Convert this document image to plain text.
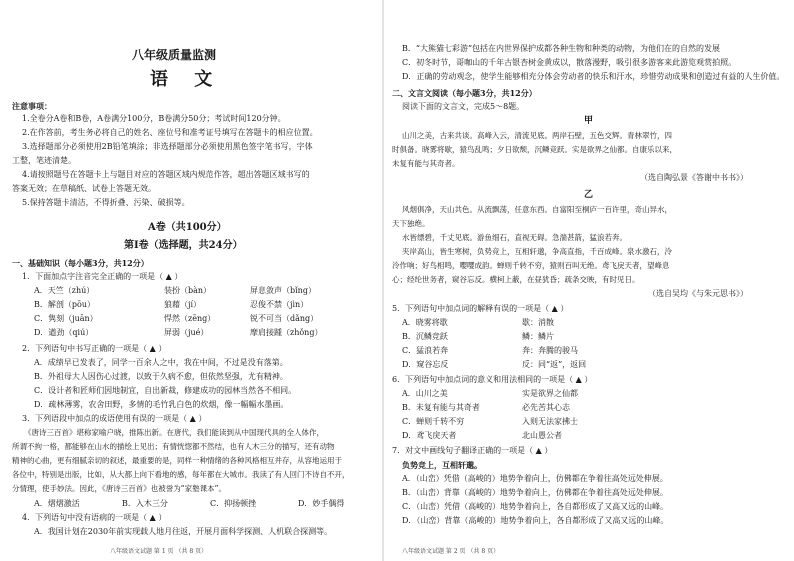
八年级质量监测
语 文
注意事项：
1.全卷分A卷和B卷，A卷满分100分，B卷满分50分；考试时间120分钟。
2.在作答前，考生务必将自己的姓名、座位号和准考证号填写在答题卡的相应位置。
3.选择题部分必须使用2B铅笔填涂；非选择题部分必须使用黑色签字笔书写，字体
工整，笔迹清楚。
4.请按照题号在答题卡上与题目对应的答题区域内规范作答，超出答题区域书写的
答案无效；在草稿纸、试卷上答题无效。
5.保持答题卡清洁，不得折叠、污染、破损等。
A卷（共100分）
第Ⅰ卷（选择题，共24分）
一、基础知识（每小题3分，共12分）
1．下面加点字注音完全正确的一项是（ ▲ ）
A．天竺（zhú）	装扮（bàn）	屏息敛声（bǐng）
B．解剖（pōu）	狼藉（jí）	忍俊不禁（jìn）
C．隽刻（juān）	悍然（zēng）	锐不可当（dǎng）
D．遒劲（qiú）	屏弱（jué）	摩肩接踵（zhǒng）
2．下列语句中书写正确的一项是（ ▲ ）
A．成绩早已发表了，同学一百余人之中，我在中间，不过是没有落第。
B．外祖母大人因伤心过渡，以致于久病不愈，但依然坚强，尤有精神。
C．设计者和匠师们因地制宜，自出新裁，修建成功的园林当然各不相同。
D．疏林薄雾，农舍田野，多情的毛竹乳白色的炊烟，像一幅幅水墨画。
3．下列语段中加点的成语使用有误的一项是（ ▲ ）
《唐诗三百首》堪称家喻户晓，推陈出新。在唐代，我们能读到从中国现代具的全人体作，
所谓不拘一格，都能够在山水的描绘上见出；有情恍惚都不然结，也有人木三分的描写，还有动物
精神的心曲，更有细腻亲切的叙述，最重要的是，同样一种情绪的各种风格相互并存，从容地运用于
各位中，特别是出版，比如，从大都上向下看地的感，每年都在大城市。我读了有人回门不诗自不开，
分情理，使手妙法。因此，《唐诗三百首》也被誉为“家塾课本”。
A．熠熠激活	B．入木三分	C．抑扬顿挫	D．妙手偶得
4．下列语句中没有语病的一项是（ ▲ ）
A．我国计划在2030年前实现载人地月往返，开展月面科学探测、人机联合探测等。
八年级语文试题 第 1 页 （共 8 页）
B．“大熊猫七彩游”包括在内世界保护成都各种生物和种类的动物，为他们在的自然的发展
C．初冬时节，哥咖山的千年古银杏树金黄成以，散落漫野，吸引很多游客来此游览观赏拍照。
D．正确的劳动观念，使学生能够相充分体会劳动者的快乐和汗水，珍惜劳动成果和创造过有益的人生价值。
二、文言文阅读（每小题3分，共12分）
阅读下面的文言文，完成5～8题。
甲
山川之美，古来共谈。高峰入云，清流见底。两岸石壁，五色交辉。青林翠竹，四
时俱备。晓雾将歇，猿鸟乱鸣；夕日欲颓，沉鳞竞跃。实是欲界之仙都。自康乐以来，
未复有能与其奇者。
（选自陶弘景《答谢中书书》）
乙
风烟俱净，天山共色。从流飘荡，任意东西。自富阳至桐庐一百许里，奇山异水，
天下独绝。
水皆缥碧，千丈见底。游鱼细石，直视无碍。急湍甚箭，猛浪若奔。
夹岸高山，皆生寒树，负势竞上，互相轩邈，争高直指，千百成峰。泉水激石，泠
泠作响；好鸟相鸣，嘤嘤成韵。蝉则千转不穷，猿则百叫无绝。鸢飞戾天者，望峰息
心；经纶世务者，窥谷忘反。横柯上蔽，在昼犹昏；疏条交映，有时见日。
（选自吴均《与朱元思书》）
5．下列语句中加点词的解释有误的一项是（ ▲ ）
A．晓雾将歇	歇：消散
B．沉鳞竞跃	鳞：鳞片
C．猛浪若奔	奔：奔腾的骏马
D．窥谷忘反	反：同“返”，返回
6．下列语句中加点词的意义和用法相同的一项是（ ▲ ）
A．山川之美	实是欲界之仙都
B．未复有能与其奇者	必先苦其心志
C．蝉则千转不穷	入则无法家拂士
D．鸢飞戾天者	北山愚公者
7．对文中画线句子翻译正确的一项是（ ▲ ）
负势竞上，互相轩邈。
A．（山峦）凭借（高峻的）地势争着向上，仿佛都在争着往高处远处伸展。
B．（山峦）背靠（高峻的）地势争着向上，仿佛都在争着往高处远处伸展。
C．（山峦）凭借（高峻的）地势争着向上，各自都形成了又高又远的山峰。
D．（山峦）背靠（高峻的）地势争着向上，各自都形成了又高又远的山峰。
八年级语文试题 第 2 页 （共 8 页）
